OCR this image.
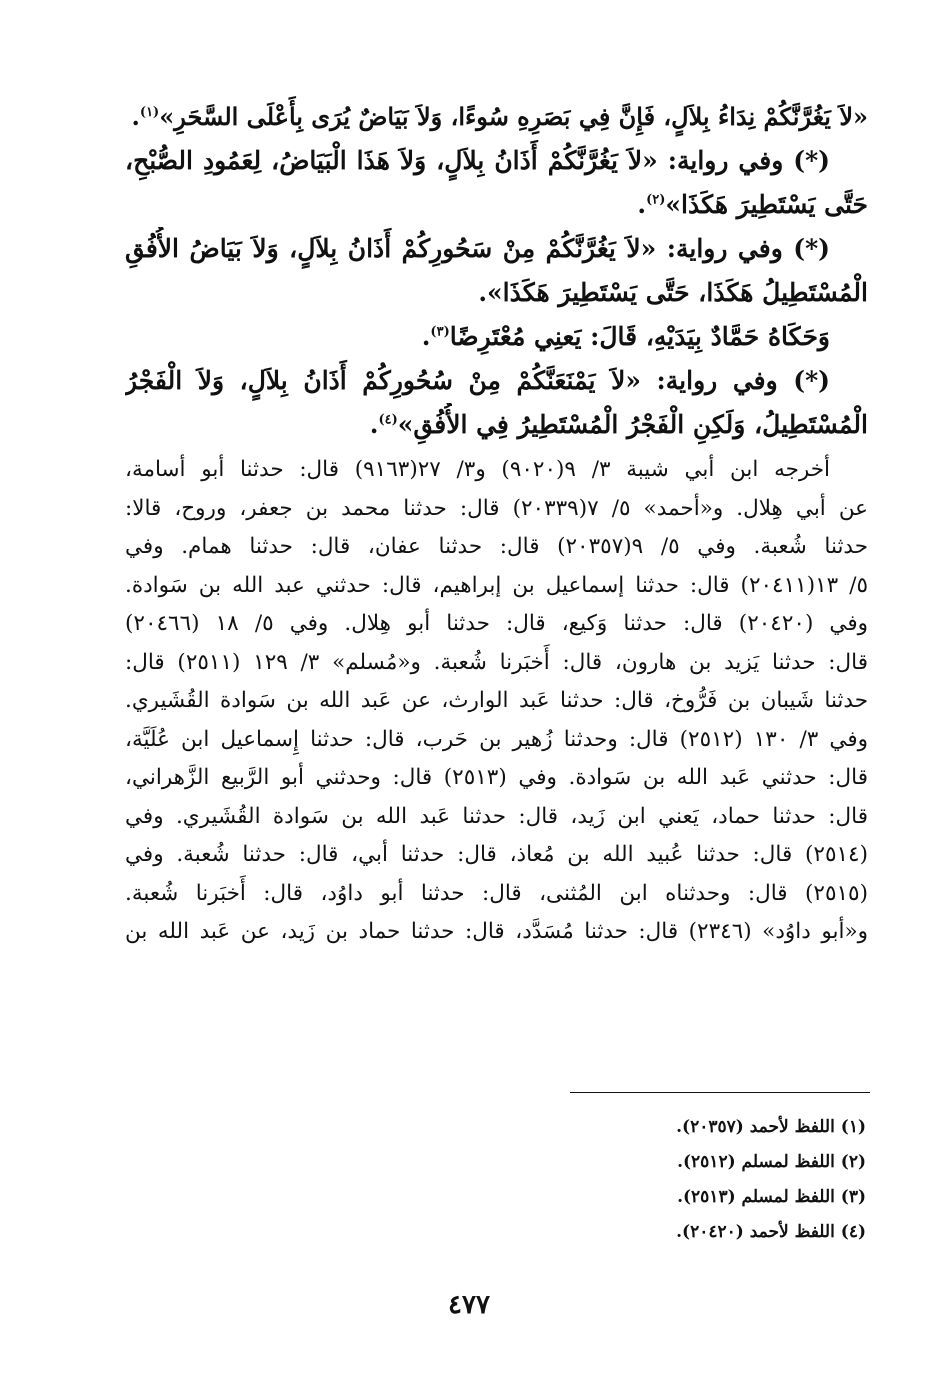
«لاَ يَغُرَّنَّكُمْ نِدَاءُ بِلاَلٍ، فَإِنَّ فِي بَصَرِهِ سُوءًا، وَلاَ بَيَاضٌ يُرَى بِأَعْلَى السَّحَرِ»$^{(١)}$.
(*) وفي رواية: «لاَ يَغُرَّنَّكُمْ أَذَانُ بِلاَلٍ، وَلاَ هَذَا الْبَيَاضُ، لِعَمُودِ الصُّبْحِ،
حَتَّى يَسْتَطِيرَ هَكَذَا»$^{(٢)}$.
(*) وفي رواية: «لاَ يَغُرَّنَّكُمْ مِنْ سَحُورِكُمْ أَذَانُ بِلاَلٍ، وَلاَ بَيَاضُ الأُفُقِ
الْمُسْتَطِيلُ هَكَذَا، حَتَّى يَسْتَطِيرَ هَكَذَا».
وَحَكَاهُ حَمَّادٌ بِيَدَيْهِ، قَالَ: يَعنِي مُعْتَرِضًا$^{(٣)}$.
(*) وفي رواية: «لاَ يَمْنَعَنَّكُمْ مِنْ سُحُورِكُمْ أَذَانُ بِلاَلٍ، وَلاَ الْفَجْرُ
الْمُسْتَطِيلُ، وَلَكِنِ الْفَجْرُ الْمُسْتَطِيرُ فِي الأُفُقِ»$^{(٤)}$.
أخرجه ابن أبي شيبة ٣/ ٩(٩٠٢٠) و٣/ ٢٧(٩١٦٣) قال: حدثنا أبو أسامة،
عن أبي هِلال. و«أحمد» ٥/ ٧(٢٠٣٣٩) قال: حدثنا محمد بن جعفر، وروح، قالا:
حدثنا شُعبة. وفي ٥/ ٩(٢٠٣٥٧) قال: حدثنا عفان، قال: حدثنا همام. وفي
٥/ ١٣(٢٠٤١١) قال: حدثنا إسماعيل بن إبراهيم، قال: حدثني عبد الله بن سَوادة.
وفي (٢٠٤٢٠) قال: حدثنا وَكيع، قال: حدثنا أبو هِلال. وفي ٥/ ١٨ (٢٠٤٦٦)
قال: حدثنا يَزيد بن هارون، قال: أَخبَرنا شُعبة. و«مُسلم» ٣/ ١٢٩ (٢٥١١) قال:
حدثنا شَيبان بن فَرُّوخ، قال: حدثنا عَبد الوارث، عن عَبد الله بن سَوادة القُشَيري.
وفي ٣/ ١٣٠ (٢٥١٢) قال: وحدثنا زُهير بن حَرب، قال: حدثنا إِسماعيل ابن عُلَيَّة،
قال: حدثني عَبد الله بن سَوادة. وفي (٢٥١٣) قال: وحدثني أبو الرَّبيع الزَّهراني،
قال: حدثنا حماد، يَعني ابن زَيد، قال: حدثنا عَبد الله بن سَوادة القُشَيري. وفي
(٢٥١٤) قال: حدثنا عُبيد الله بن مُعاذ، قال: حدثنا أبي، قال: حدثنا شُعبة. وفي
(٢٥١٥) قال: وحدثناه ابن المُثنى، قال: حدثنا أبو داوُد، قال: أَخبَرنا شُعبة.
و«أبو داوُد» (٢٣٤٦) قال: حدثنا مُسَدَّد، قال: حدثنا حماد بن زَيد، عن عَبد الله بن
(١) اللفظ لأحمد (٢٠٣٥٧).
(٢) اللفظ لمسلم (٢٥١٢).
(٣) اللفظ لمسلم (٢٥١٣).
(٤) اللفظ لأحمد (٢٠٤٢٠).
٤٧٧
